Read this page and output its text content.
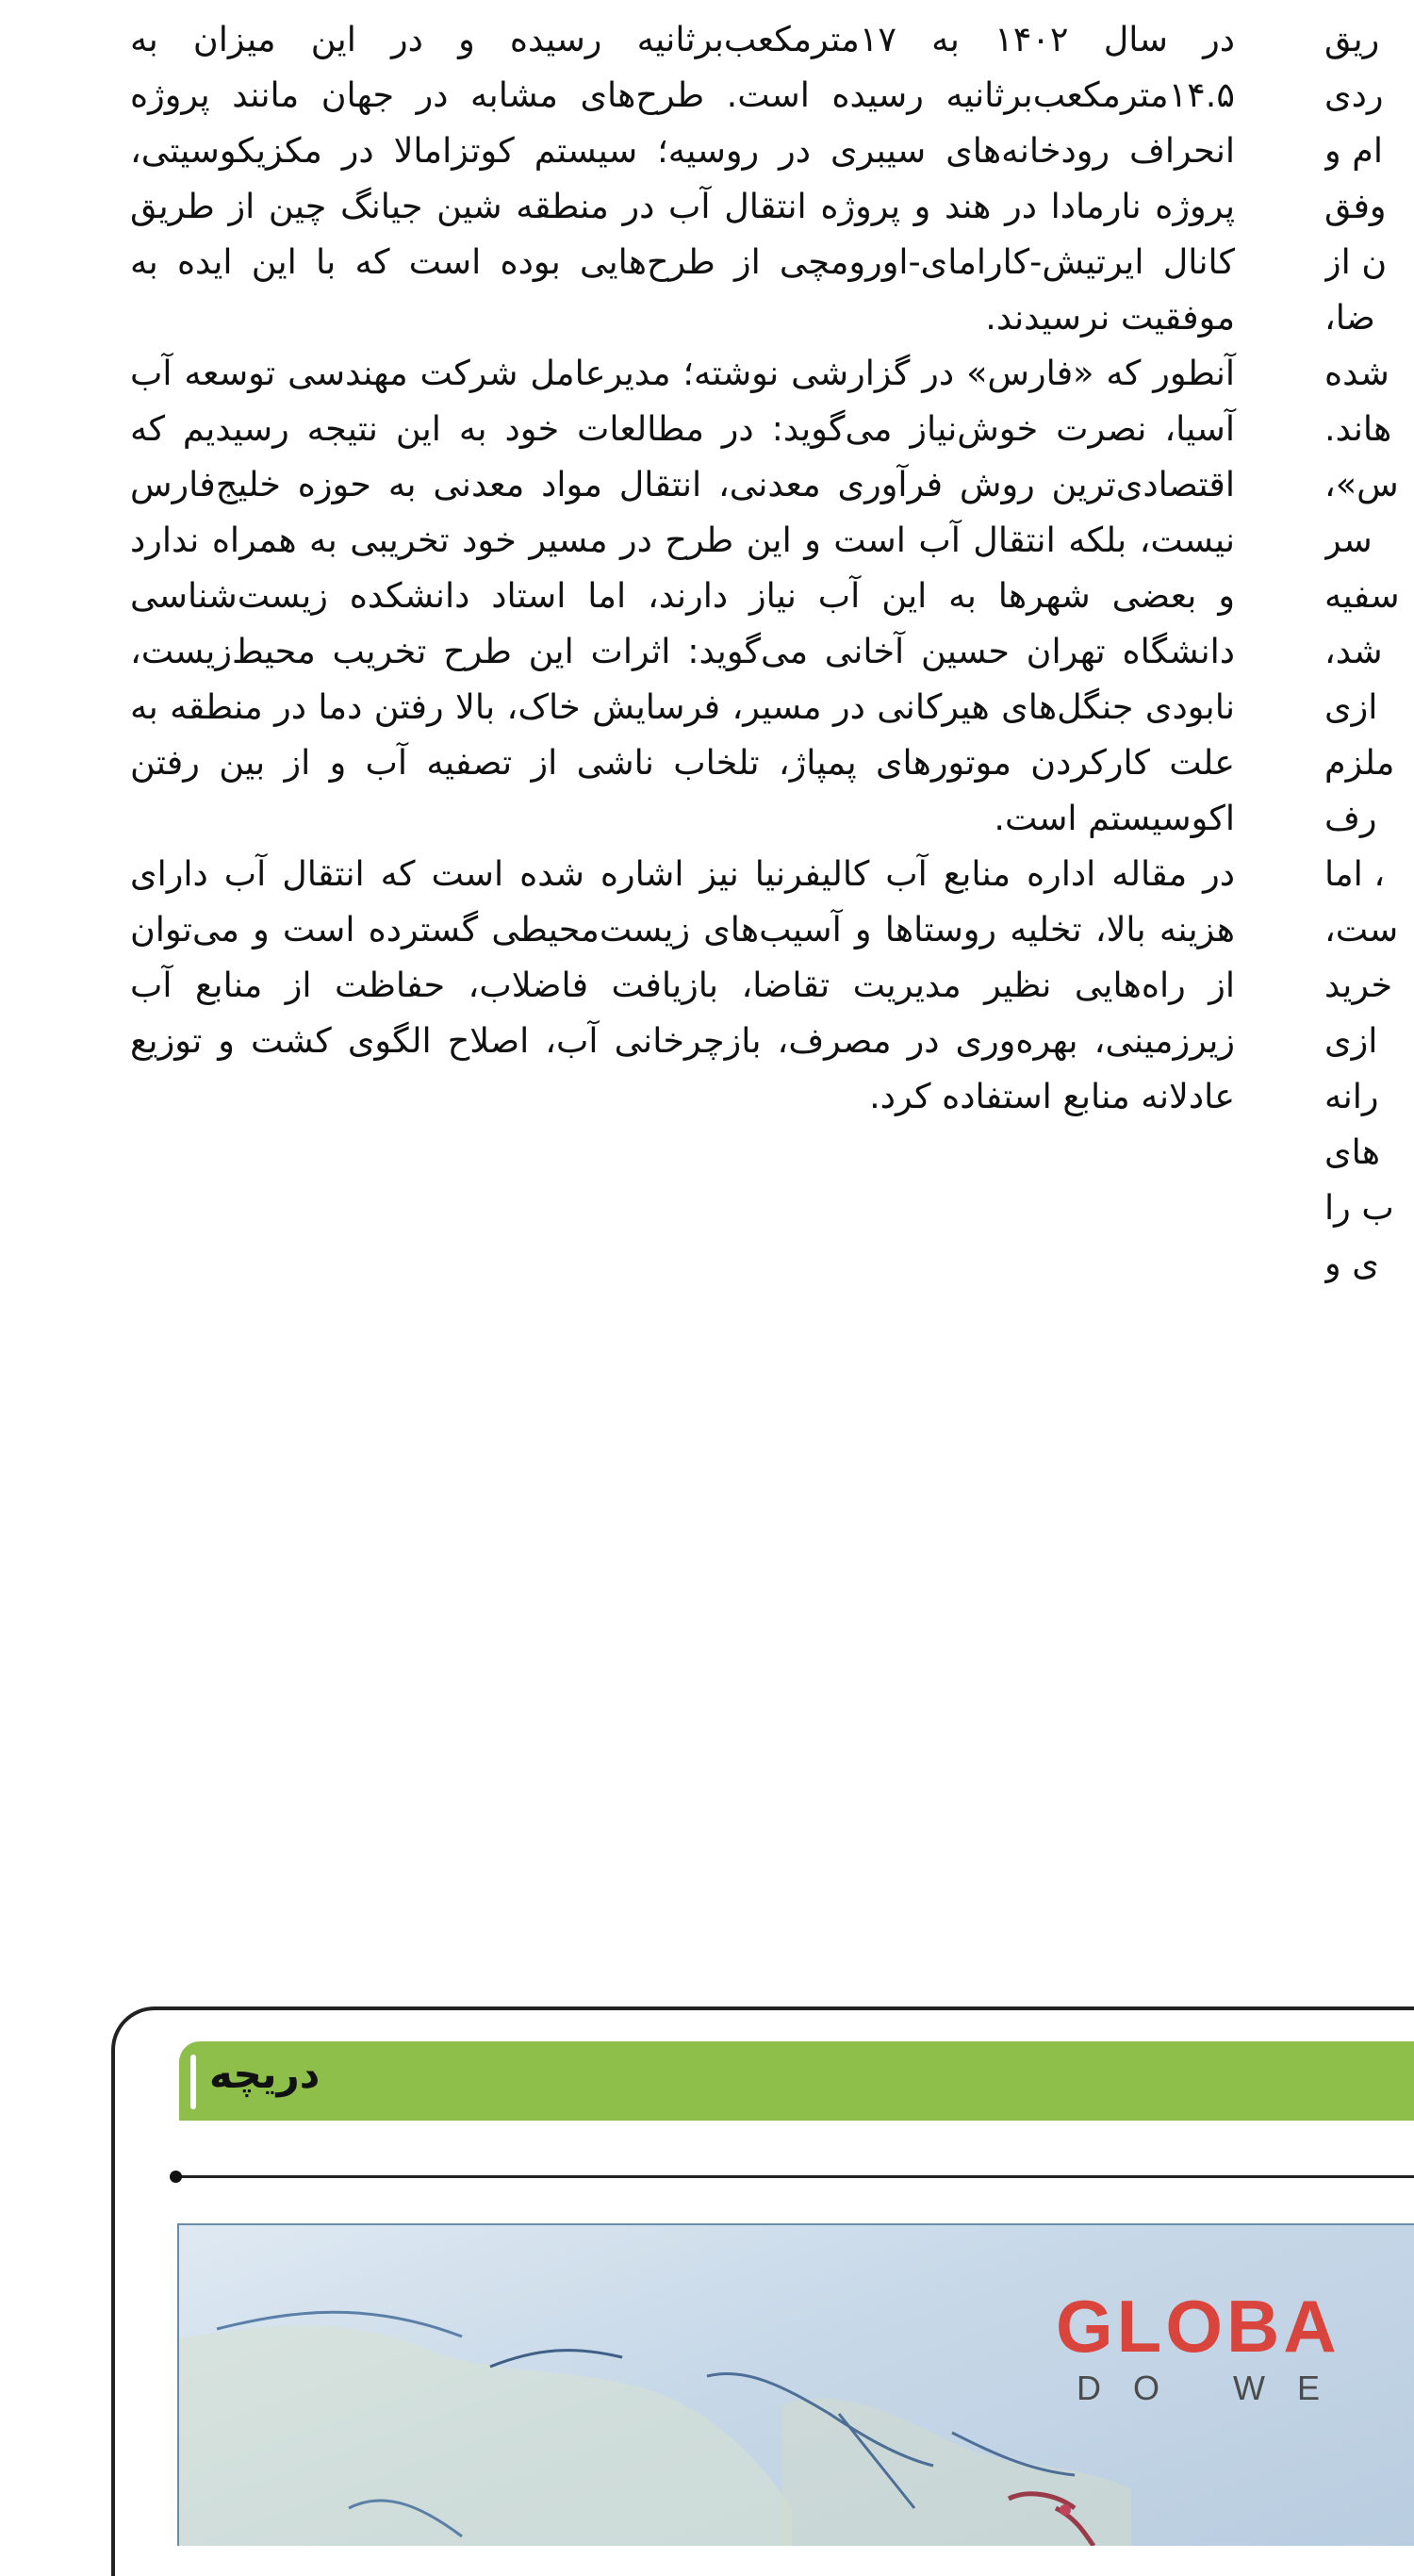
در سال ۱۴۰۲ به ۱۷مترمکعب‌برثانیه رسیده و در این میزان به ۱۴.۵مترمکعب‌برثانیه رسیده است. طرح‌های مشابه در جهان مانند پروژه انحراف رودخانه‌های سیبری در روسیه؛ سیستم کوتزامالا در مکزیکوسیتی، پروژه نارمادا در هند و پروژه انتقال آب در منطقه شین جیانگ چین از طریق کانال ایرتیش-کارامای-اورومچی از طرح‌هایی بوده است که با این ایده به موفقیت نرسیدند.

آنطور که «فارس» در گزارشی نوشته؛ مدیرعامل شرکت مهندسی توسعه آب آسیا، نصرت خوش‌نیاز می‌گوید: در مطالعات خود به این نتیجه رسیدیم که اقتصادی‌ترین روش فرآوری معدنی، انتقال مواد معدنی به حوزه خلیج‌فارس نیست، بلکه انتقال آب است و این طرح در مسیر خود تخریبی به همراه ندارد و بعضی شهرها به این آب نیاز دارند، اما استاد دانشکده زیست‌شناسی دانشگاه تهران حسین آخانی می‌گوید: اثرات این طرح تخریب محیط‌زیست، نابودی جنگل‌های هیرکانی در مسیر، فرسایش خاک، بالا رفتن دما در منطقه به علت کارکردن موتورهای پمپاژ، تلخاب ناشی از تصفیه آب و از بین رفتن اکوسیستم است.

در مقاله اداره منابع آب کالیفرنیا نیز اشاره شده است که انتقال آب دارای هزینه بالا، تخلیه روستاها و آسیب‌های زیست‌محیطی گسترده است و می‌توان از راه‌هایی نظیر مدیریت تقاضا، بازیافت فاضلاب، حفاظت از منابع آب زیرزمینی، بهره‌وری در مصرف، بازچرخانی آب، اصلاح الگوی کشت و توزیع عادلانه منابع استفاده کرد.

ریق
ردی
ام و
وفق
ن از
ضا،
شده
هاند.
س»،
سر
سفیه
شد،
ازی
ملزم
رف
، اما
ست،
خرید
ازی
رانه
های
ب را
ی و
دریچه
GLOBA
DO WE
